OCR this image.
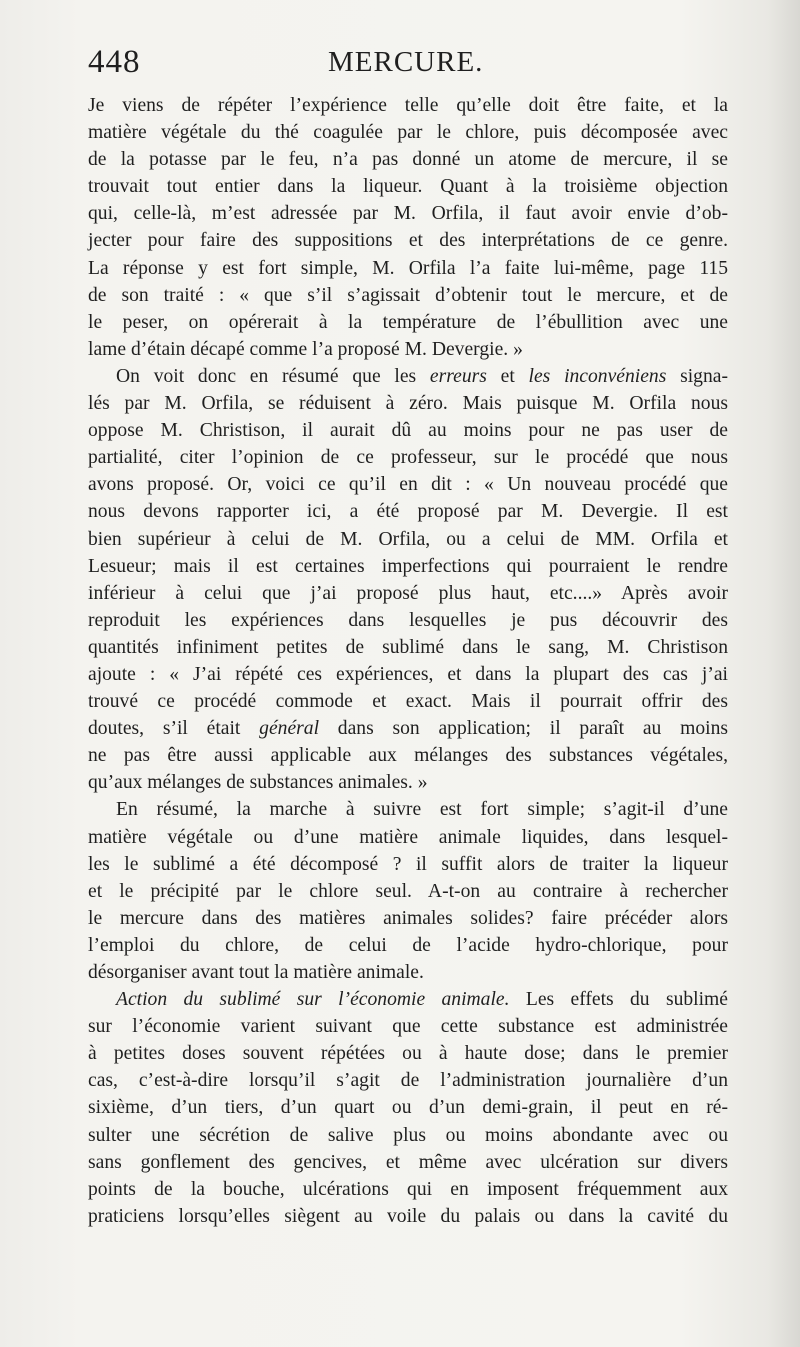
448	MERCURE.
Je viens de répéter l’expérience telle qu’elle doit être faite, et la
matière végétale du thé coagulée par le chlore, puis décomposée avec
de la potasse par le feu, n’a pas donné un atome de mercure, il se
trouvait tout entier dans la liqueur. Quant à la troisième objection
qui, celle-là, m’est adressée par M. Orfila, il faut avoir envie d’ob-
jecter pour faire des suppositions et des interprétations de ce genre.
La réponse y est fort simple, M. Orfila l’a faite lui-même, page 115
de son traité : « que s’il s’agissait d’obtenir tout le mercure, et de
le peser, on opérerait à la température de l’ébullition avec une
lame d’étain décapé comme l’a proposé M. Devergie. »
On voit donc en résumé que les erreurs et les inconvéniens signa-
lés par M. Orfila, se réduisent à zéro. Mais puisque M. Orfila nous
oppose M. Christison, il aurait dû au moins pour ne pas user de
partialité, citer l’opinion de ce professeur, sur le procédé que nous
avons proposé. Or, voici ce qu’il en dit : « Un nouveau procédé que
nous devons rapporter ici, a été proposé par M. Devergie. Il est
bien supérieur à celui de M. Orfila, ou a celui de MM. Orfila et
Lesueur; mais il est certaines imperfections qui pourraient le rendre
inférieur à celui que j’ai proposé plus haut, etc....» Après avoir
reproduit les expériences dans lesquelles je pus découvrir des
quantités infiniment petites de sublimé dans le sang, M. Christison
ajoute : « J’ai répété ces expériences, et dans la plupart des cas j’ai
trouvé ce procédé commode et exact. Mais il pourrait offrir des
doutes, s’il était général dans son application; il paraît au moins
ne pas être aussi applicable aux mélanges des substances végétales,
qu’aux mélanges de substances animales. »
En résumé, la marche à suivre est fort simple; s’agit-il d’une
matière végétale ou d’une matière animale liquides, dans lesquel-
les le sublimé a été décomposé ? il suffit alors de traiter la liqueur
et le précipité par le chlore seul. A-t-on au contraire à rechercher
le mercure dans des matières animales solides? faire précéder alors
l’emploi du chlore, de celui de l’acide hydro-chlorique, pour
désorganiser avant tout la matière animale.
Action du sublimé sur l’économie animale. Les effets du sublimé
sur l’économie varient suivant que cette substance est administrée
à petites doses souvent répétées ou à haute dose; dans le premier
cas, c’est-à-dire lorsqu’il s’agit de l’administration journalière d’un
sixième, d’un tiers, d’un quart ou d’un demi-grain, il peut en ré-
sulter une sécrétion de salive plus ou moins abondante avec ou
sans gonflement des gencives, et même avec ulcération sur divers
points de la bouche, ulcérations qui en imposent fréquemment aux
praticiens lorsqu’elles siègent au voile du palais ou dans la cavité du
